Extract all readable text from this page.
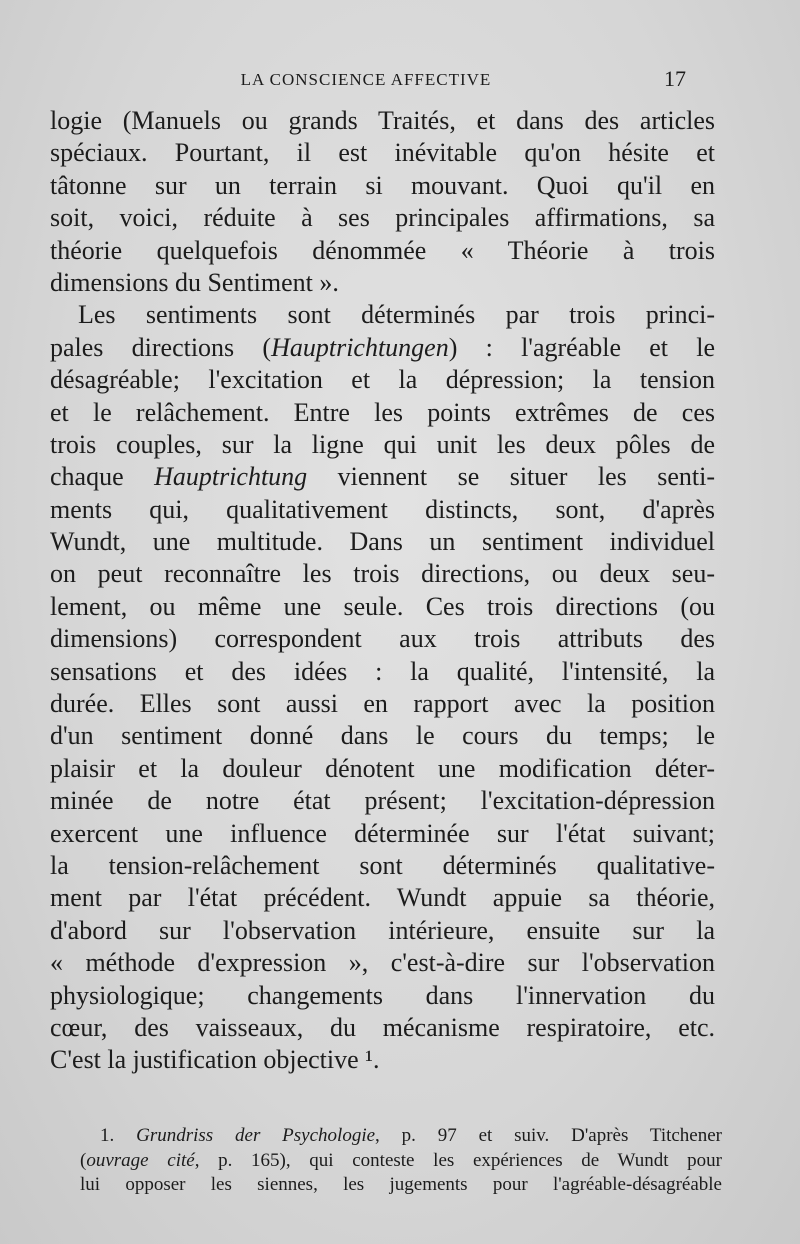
LA CONSCIENCE AFFECTIVE	17
logie (Manuels ou grands Traités, et dans des articles
spéciaux. Pourtant, il est inévitable qu'on hésite et
tâtonne sur un terrain si mouvant. Quoi qu'il en
soit, voici, réduite à ses principales affirmations, sa
théorie quelquefois dénommée « Théorie à trois
dimensions du Sentiment ».
Les sentiments sont déterminés par trois princi-
pales directions (Hauptrichtungen) : l'agréable et le
désagréable; l'excitation et la dépression; la tension
et le relâchement. Entre les points extrêmes de ces
trois couples, sur la ligne qui unit les deux pôles de
chaque Hauptrichtung viennent se situer les senti-
ments qui, qualitativement distincts, sont, d'après
Wundt, une multitude. Dans un sentiment individuel
on peut reconnaître les trois directions, ou deux seu-
lement, ou même une seule. Ces trois directions (ou
dimensions) correspondent aux trois attributs des
sensations et des idées : la qualité, l'intensité, la
durée. Elles sont aussi en rapport avec la position
d'un sentiment donné dans le cours du temps; le
plaisir et la douleur dénotent une modification déter-
minée de notre état présent; l'excitation-dépression
exercent une influence déterminée sur l'état suivant;
la tension-relâchement sont déterminés qualitative-
ment par l'état précédent. Wundt appuie sa théorie,
d'abord sur l'observation intérieure, ensuite sur la
« méthode d'expression », c'est-à-dire sur l'observation
physiologique; changements dans l'innervation du
cœur, des vaisseaux, du mécanisme respiratoire, etc.
C'est la justification objective ¹.
1. Grundriss der Psychologie, p. 97 et suiv. D'après Titchener
(ouvrage cité, p. 165), qui conteste les expériences de Wundt pour
lui opposer les siennes, les jugements pour l'agréable-désagréable
